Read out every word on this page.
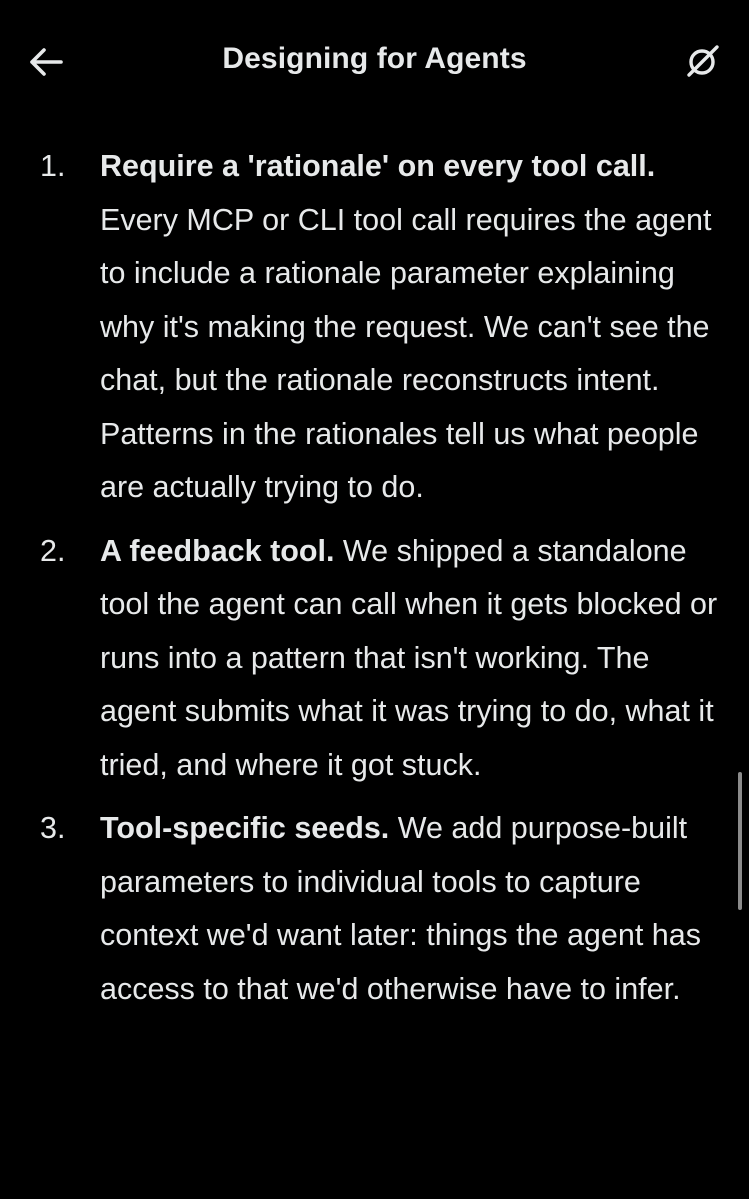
Designing for Agents
1.	Require a 'rationale' on every tool call. Every MCP or CLI tool call requires the agent to include a rationale parameter explaining why it's making the request. We can't see the chat, but the rationale reconstructs intent. Patterns in the rationales tell us what people are actually trying to do.
2.	A feedback tool. We shipped a standalone tool the agent can call when it gets blocked or runs into a pattern that isn't working. The agent submits what it was trying to do, what it tried, and where it got stuck.
3.	Tool-specific seeds. We add purpose-built parameters to individual tools to capture context we'd want later: things the agent has access to that we'd otherwise have to infer.
